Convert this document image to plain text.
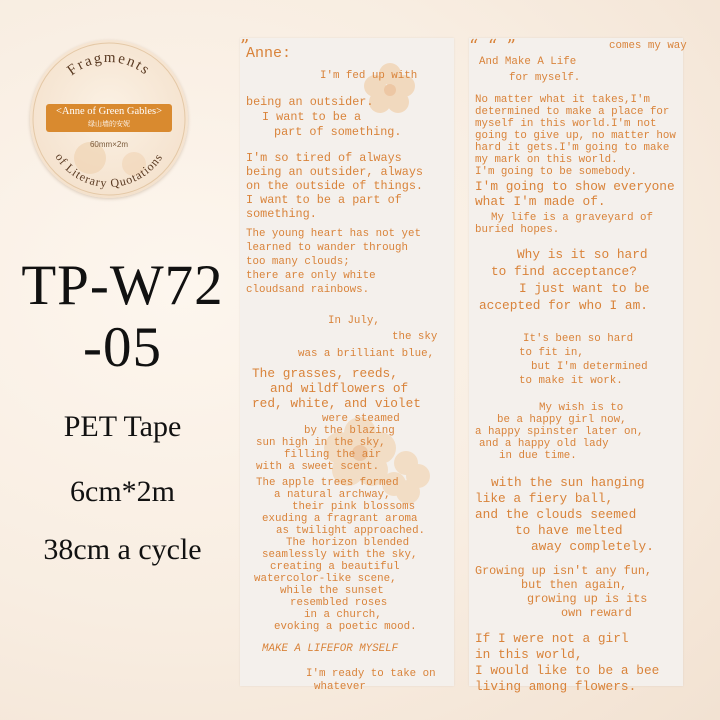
Fragments
of Literary Quotations
<Anne of Green Gables>
绿山墙的安妮
60mm×2m
TP-W72
-05
PET Tape
6cm*2m
38cm a cycle
”
Anne:
I'm fed up with
being an outsider.
I want to be a
part of something.
I'm so tired of always
being an outsider, always
on the outside of things.
I want to be a part of
something.
The young heart has not yet
learned to wander through
too many clouds;
there are only white
cloudsand rainbows.
In July,
the sky
was a brilliant blue,
The grasses, reeds,
and wildflowers of
red, white, and violet
were steamed
by the blazing
sun high in the sky,
filling the air
with a sweet scent.
The apple trees formed
a natural archway,
their pink blossoms
exuding a fragrant aroma
as twilight approached.
The horizon blended
seamlessly with the sky,
creating a beautiful
watercolor-like scene,
while the sunset
resembled roses
in a church,
evoking a poetic mood.
MAKE A LIFEFOR MYSELF
I'm ready to take on
whatever
comes my way
And Make A Life
for myself.
No matter what it takes,I'm
determined to make a place for
myself in this world.I'm not
going to give up, no matter how
hard it gets.I'm going to make
my mark on this world.
I'm going to be somebody.
I'm going to show everyone
what I'm made of.
My life is a graveyard of
buried hopes.
“
Why is it so hard
to find acceptance?
I just want to be
accepted for who I am.
“
It's been so hard
to fit in,
but I'm determined
to make it work.
”
My wish is to
be a happy girl now,
a happy spinster later on,
and a happy old lady
in due time.
with the sun hanging
like a fiery ball,
and the clouds seemed
to have melted
away completely.
Growing up isn't any fun,
but then again,
growing up is its
own reward
If I were not a girl
in this world,
I would like to be a bee
living among flowers.
